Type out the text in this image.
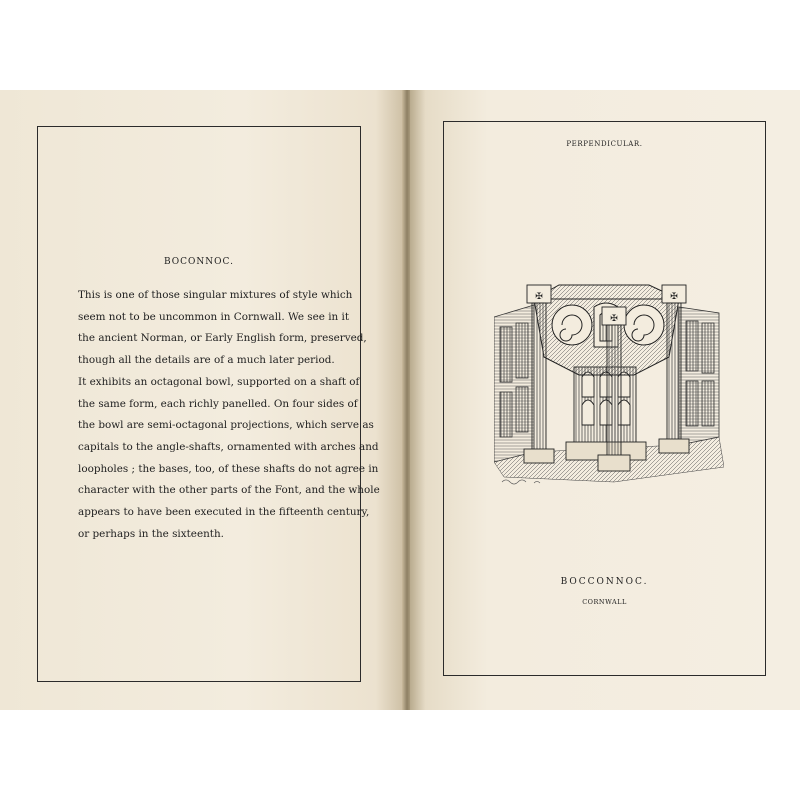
BOCONNOC.
This is one of those singular mixtures of style which
seem not to be uncommon in Cornwall. We see in it
the ancient Norman, or Early English form, preserved,
though all the details are of a much later period.
It exhibits an octagonal bowl, supported on a shaft of
the same form, each richly panelled. On four sides of
the bowl are semi-octagonal projections, which serve as
capitals to the angle-shafts, ornamented with arches and
loopholes ; the bases, too, of these shafts do not agree in
character with the other parts of the Font, and the whole
appears to have been executed in the fifteenth century,
or perhaps in the sixteenth.
PERPENDICULAR.
✠
✠
✠
BOCCONNOC.
CORNWALL
